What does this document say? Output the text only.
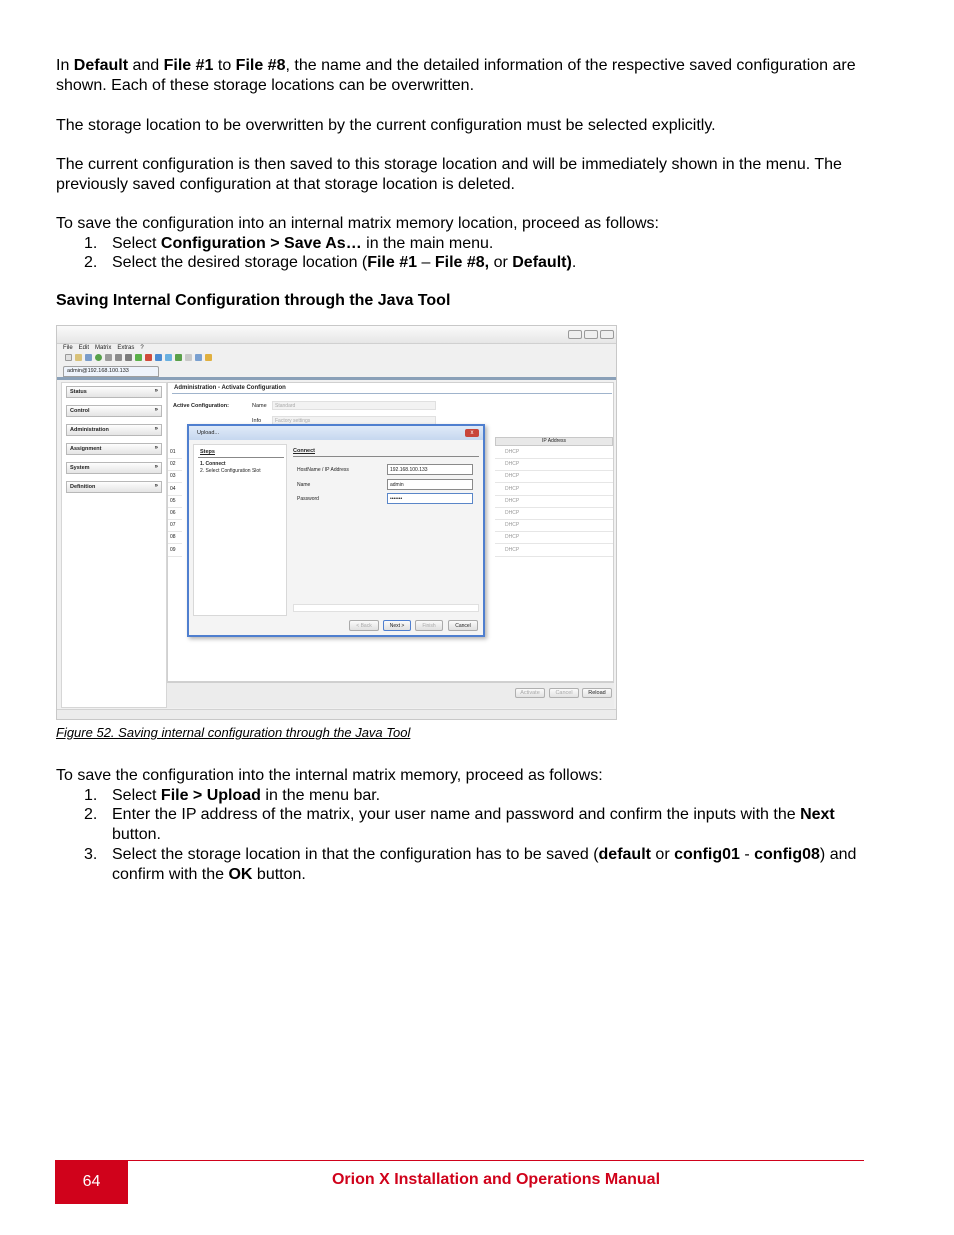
In Default and File #1 to File #8, the name and the detailed information of the respective saved configuration are shown. Each of these storage locations can be overwritten.
The storage location to be overwritten by the current configuration must be selected explicitly.
The current configuration is then saved to this storage location and will be immediately shown in the menu. The previously saved configuration at that storage location is deleted.
To save the configuration into an internal matrix memory location, proceed as follows:
1. Select Configuration > Save As… in the main menu.
2. Select the desired storage location (File #1 – File #8, or Default).
Saving Internal Configuration through the Java Tool
File Edit Matrix Extras ?
admin@192.168.100.133
Status	»
Control	»
Administration	»
Assignment	»
System	»
Definition	»
Administration - Activate Configuration
Active Configuration:	Name	Standard
Info	Factory settings
IP Address
Activate	Cancel	Reload
Upload...	x
Steps
1. Connect
2. Select Configuration Slot
Connect
HostName / IP Address	192.168.100.133
Name	admin
Password	•••••••
< Back	Next >	Finish	Cancel
01	DHCP
02	DHCP
03	DHCP
04	DHCP
05	DHCP
06	DHCP
07	DHCP
08	DHCP
09	DHCP
Figure 52. Saving internal configuration through the Java Tool
To save the configuration into the internal matrix memory, proceed as follows:
1. Select File > Upload in the menu bar.
2. Enter the IP address of the matrix, your user name and password and confirm the inputs with the Next button.
3. Select the storage location in that the configuration has to be saved (default or config01 - config08) and confirm with the OK button.
64	Orion X Installation and Operations Manual
